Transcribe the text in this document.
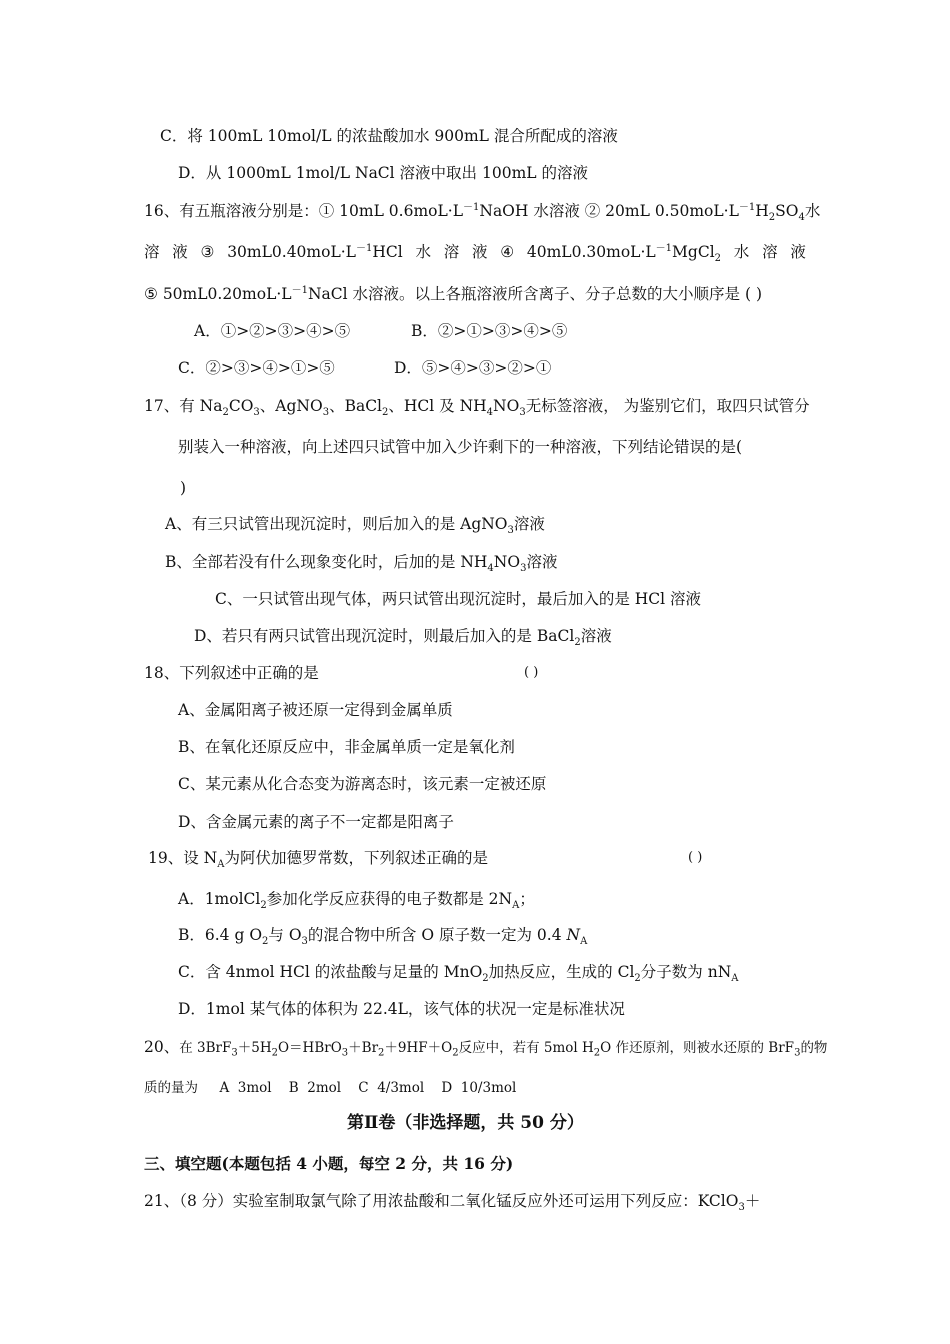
C．将 100mL 10mol/L 的浓盐酸加水 900mL 混合所配成的溶液
D．从 1000mL 1mol/L NaCl 溶液中取出 100mL 的溶液
16、有五瓶溶液分别是：① 10mL $0.6moL\cdot L^{-1}NaOH$ 水溶液 ② 20mL $0.50moL\cdot L^{-1}H_2SO_4$水
溶 液 ③ $30mL0.40moL\cdot L^{-1}HCl$ 水 溶 液 ④ $40mL0.30moL\cdot L^{-1}MgCl_2$ 水 溶 液
⑤ $50mL0.20moL\cdot L^{-1}NaCl$ 水溶液。以上各瓶溶液所含离子、分子总数的大小顺序是 ( )
A．①>②>③>④>⑤	B．②>①>③>④>⑤
C．②>③>④>①>⑤	D．⑤>④>③>②>①
17、有 $Na_2CO_3$、AgNO$_3$、BaCl$_2$、HCl 及 $NH_4NO_3$无标签溶液， 为鉴别它们，取四只试管分
别装入一种溶液，向上述四只试管中加入少许剩下的一种溶液，下列结论错误的是(
)
A、有三只试管出现沉淀时，则后加入的是 AgNO$_3$溶液
B、全部若没有什么现象变化时，后加的是 $NH_4NO_3$溶液
C、一只试管出现气体，两只试管出现沉淀时，最后加入的是 HCl 溶液
D、若只有两只试管出现沉淀时，则最后加入的是 BaCl$_2$溶液
18、下列叙述中正确的是	( )
A、金属阳离子被还原一定得到金属单质
B、在氧化还原反应中，非金属单质一定是氧化剂
C、某元素从化合态变为游离态时，该元素一定被还原
D、含金属元素的离子不一定都是阳离子
19、设 $N_A$为阿伏加德罗常数，下列叙述正确的是	( )
A．1molCl$_2$参加化学反应获得的电子数都是 $2N_A$；
B．6.4 g $O_2$与 $O_3$的混合物中所含 O 原子数一定为 0.4 $N_A$
C．含 4nmol HCl 的浓盐酸与足量的 MnO$_2$加热反应，生成的 $Cl_2$分子数为 $nN_A$
D．1mol 某气体的体积为 22.4L，该气体的状况一定是标准状况
20、在 $3BrF_3+5H_2O=HBrO_3+Br_2+9HF+O_2$反应中，若有 5mol $H_2O$ 作还原剂，则被水还原的 BrF$_3$的物
质的量为     A  3mol    B  2mol    C  4/3mol    D  10/3mol
第Ⅱ卷（非选择题，共 50 分）
三、填空题(本题包括 4 小题，每空 2 分，共 16 分)
21、（8 分）实验室制取氯气除了用浓盐酸和二氧化锰反应外还可运用下列反应：KClO$_3$＋
